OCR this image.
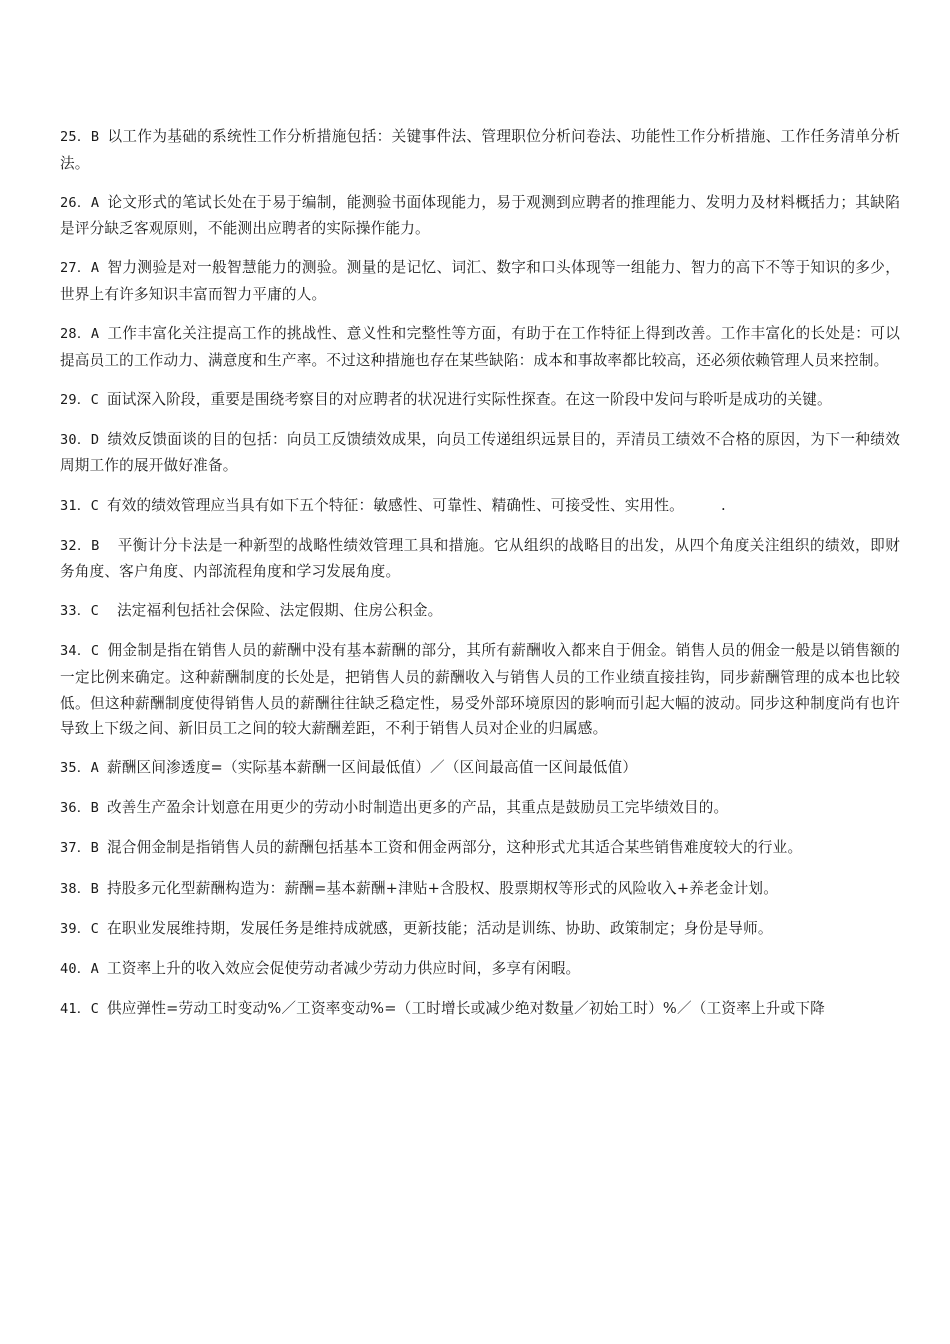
25．B 以工作为基础的系统性工作分析措施包括：关键事件法、管理职位分析问卷法、功能性工作分析措施、工作任务清单分析法。

26．A 论文形式的笔试长处在于易于编制，能测验书面体现能力，易于观测到应聘者的推理能力、发明力及材料概括力；其缺陷是评分缺乏客观原则，不能测出应聘者的实际操作能力。

27．A 智力测验是对一般智慧能力的测验。测量的是记忆、词汇、数字和口头体现等一组能力、智力的高下不等于知识的多少，世界上有许多知识丰富而智力平庸的人。

28．A 工作丰富化关注提高工作的挑战性、意义性和完整性等方面，有助于在工作特征上得到改善。工作丰富化的长处是：可以提高员工的工作动力、满意度和生产率。不过这种措施也存在某些缺陷：成本和事故率都比较高，还必须依赖管理人员来控制。

29．C 面试深入阶段，重要是围绕考察目的对应聘者的状况进行实际性探查。在这一阶段中发问与聆听是成功的关键。

30．D 绩效反馈面谈的目的包括：向员工反馈绩效成果，向员工传递组织远景目的，弄清员工绩效不合格的原因，为下一种绩效周期工作的展开做好准备。

31．C 有效的绩效管理应当具有如下五个特征：敏感性、可靠性、精确性、可接受性、实用性。　　　.

32．B 平衡计分卡法是一种新型的战略性绩效管理工具和措施。它从组织的战略目的出发，从四个角度关注组织的绩效，即财务角度、客户角度、内部流程角度和学习发展角度。

33．C 法定福利包括社会保险、法定假期、住房公积金。

34．C 佣金制是指在销售人员的薪酬中没有基本薪酬的部分，其所有薪酬收入都来自于佣金。销售人员的佣金一般是以销售额的一定比例来确定。这种薪酬制度的长处是，把销售人员的薪酬收入与销售人员的工作业绩直接挂钩，同步薪酬管理的成本也比较低。但这种薪酬制度使得销售人员的薪酬往往缺乏稳定性，易受外部环境原因的影响而引起大幅的波动。同步这种制度尚有也许导致上下级之间、新旧员工之间的较大薪酬差距，不利于销售人员对企业的归属感。

35．A 薪酬区间渗透度=（实际基本薪酬一区间最低值）／（区间最高值一区间最低值）

36．B 改善生产盈余计划意在用更少的劳动小时制造出更多的产品，其重点是鼓励员工完毕绩效目的。

37．B 混合佣金制是指销售人员的薪酬包括基本工资和佣金两部分，这种形式尤其适合某些销售难度较大的行业。

38．B 持股多元化型薪酬构造为：薪酬=基本薪酬+津贴+含股权、股票期权等形式的风险收入+养老金计划。

39．C 在职业发展维持期，发展任务是维持成就感，更新技能；活动是训练、协助、政策制定；身份是导师。

40．A 工资率上升的收入效应会促使劳动者减少劳动力供应时间，多享有闲暇。

41．C 供应弹性=劳动工时变动%／工资率变动%=（工时增长或减少绝对数量／初始工时）%／（工资率上升或下降
